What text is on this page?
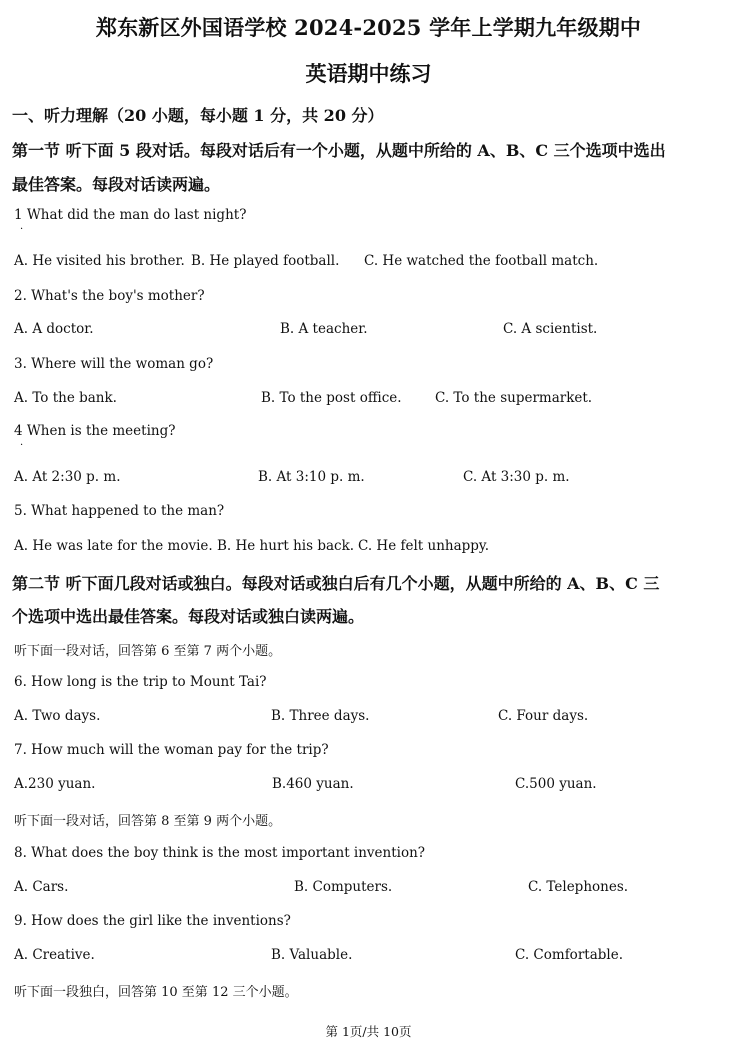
郑东新区外国语学校 2024-2025 学年上学期九年级期中
英语期中练习
一、听力理解（20 小题，每小题 1 分，共 20 分）
第一节 听下面 5 段对话。每段对话后有一个小题，从题中所给的 A、B、C 三个选项中选出
最佳答案。每段对话读两遍。
1 What did the man do last night?
·
A. He visited his brother. B. He played football. C. He watched the football match.
2. What's the boy's mother?
A. A doctor.	B. A teacher.	C. A scientist.
3. Where will the woman go?
A. To the bank.	B. To the post office. C. To the supermarket.
4 When is the meeting?
·
A. At 2:30 p. m.	B. At 3:10 p. m.	C. At 3:30 p. m.
5. What happened to the man?
A. He was late for the movie. B. He hurt his back. C. He felt unhappy.
第二节 听下面几段对话或独白。每段对话或独白后有几个小题，从题中所给的 A、B、C 三
个选项中选出最佳答案。每段对话或独白读两遍。
听下面一段对话，回答第 6 至第 7 两个小题。
6. How long is the trip to Mount Tai?
A. Two days.	B. Three days.	C. Four days.
7. How much will the woman pay for the trip?
A.230 yuan.	B.460 yuan.	C.500 yuan.
听下面一段对话，回答第 8 至第 9 两个小题。
8. What does the boy think is the most important invention?
A. Cars.	B. Computers.	C. Telephones.
9. How does the girl like the inventions?
A. Creative.	B. Valuable.	C. Comfortable.
听下面一段独白，回答第 10 至第 12 三个小题。
第 1页/共 10页
